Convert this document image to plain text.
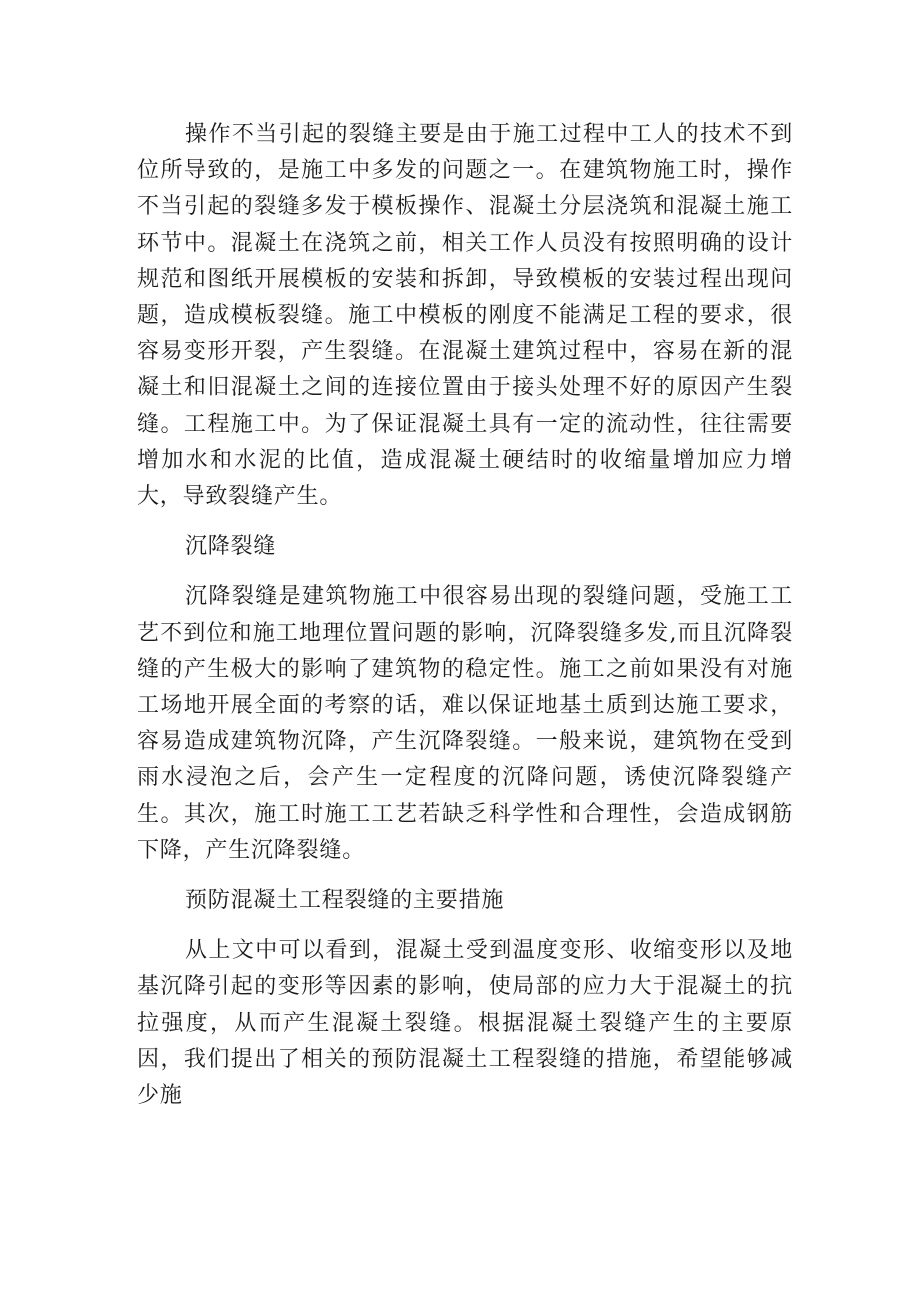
操作不当引起的裂缝主要是由于施工过程中工人的技术不到位所导致的，是施工中多发的问题之一。在建筑物施工时，操作不当引起的裂缝多发于模板操作、混凝土分层浇筑和混凝土施工环节中。混凝土在浇筑之前，相关工作人员没有按照明确的设计规范和图纸开展模板的安装和拆卸，导致模板的安装过程出现问题，造成模板裂缝。施工中模板的刚度不能满足工程的要求，很容易变形开裂，产生裂缝。在混凝土建筑过程中，容易在新的混凝土和旧混凝土之间的连接位置由于接头处理不好的原因产生裂缝。工程施工中。为了保证混凝土具有一定的流动性，往往需要增加水和水泥的比值，造成混凝土硬结时的收缩量增加应力增大，导致裂缝产生。

沉降裂缝

沉降裂缝是建筑物施工中很容易出现的裂缝问题，受施工工艺不到位和施工地理位置问题的影响，沉降裂缝多发,而且沉降裂缝的产生极大的影响了建筑物的稳定性。施工之前如果没有对施工场地开展全面的考察的话，难以保证地基土质到达施工要求，容易造成建筑物沉降，产生沉降裂缝。一般来说，建筑物在受到雨水浸泡之后，会产生一定程度的沉降问题，诱使沉降裂缝产生。其次，施工时施工工艺若缺乏科学性和合理性，会造成钢筋下降，产生沉降裂缝。

预防混凝土工程裂缝的主要措施

从上文中可以看到，混凝土受到温度变形、收缩变形以及地基沉降引起的变形等因素的影响，使局部的应力大于混凝土的抗拉强度，从而产生混凝土裂缝。根据混凝土裂缝产生的主要原因，我们提出了相关的预防混凝土工程裂缝的措施，希望能够减少施
